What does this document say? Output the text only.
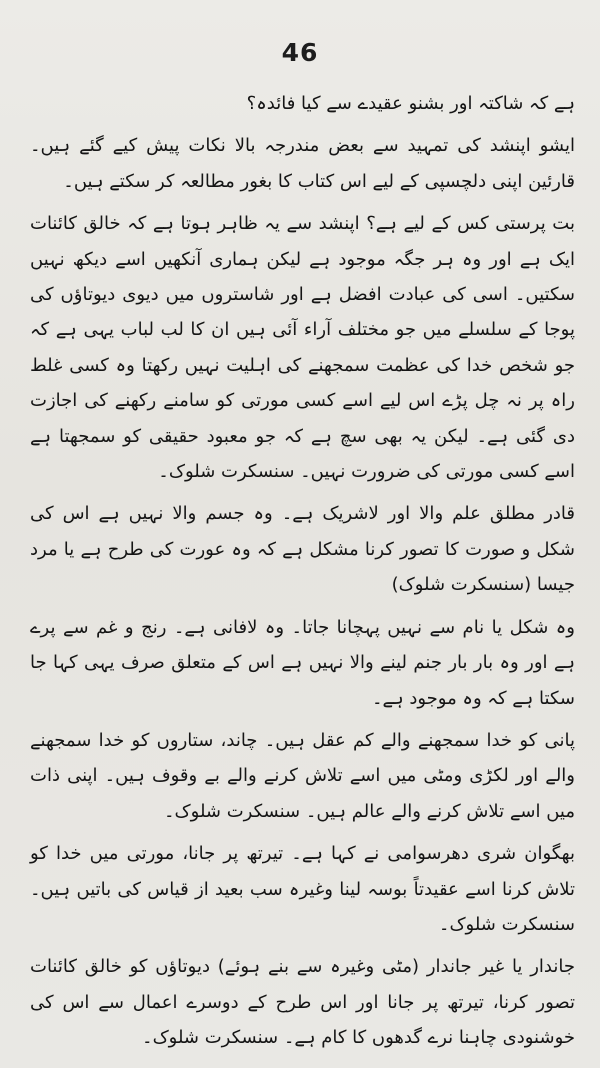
46

ہے کہ شاکتہ اور بشنو عقیدے سے کیا فائدہ؟

ایشو اپنشد کی تمہید سے بعض مندرجہ بالا نکات پیش کیے گئے ہیں۔ قارئین اپنی دلچسپی کے لیے اس کتاب کا بغور مطالعہ کر سکتے ہیں۔

بت پرستی کس کے لیے ہے؟ اپنشد سے یہ ظاہر ہوتا ہے کہ خالق کائنات ایک ہے اور وہ ہر جگہ موجود ہے لیکن ہماری آنکھیں اسے دیکھ نہیں سکتیں۔ اسی کی عبادت افضل ہے اور شاستروں میں دیوی دیوتاؤں کی پوجا کے سلسلے میں جو مختلف آراء آئی ہیں ان کا لب لباب یہی ہے کہ جو شخص خدا کی عظمت سمجھنے کی اہلیت نہیں رکھتا وہ کسی غلط راہ پر نہ چل پڑے اس لیے اسے کسی مورتی کو سامنے رکھنے کی اجازت دی گئی ہے۔ لیکن یہ بھی سچ ہے کہ جو معبود حقیقی کو سمجھتا ہے اسے کسی مورتی کی ضرورت نہیں۔ سنسکرت شلوک۔

قادر مطلق علم والا اور لاشریک ہے۔ وہ جسم والا نہیں ہے اس کی شکل و صورت کا تصور کرنا مشکل ہے کہ وہ عورت کی طرح ہے یا مرد جیسا (سنسکرت شلوک)

وہ شکل یا نام سے نہیں پہچانا جاتا۔ وہ لافانی ہے۔ رنج و غم سے پرے ہے اور وہ بار بار جنم لینے والا نہیں ہے اس کے متعلق صرف یہی کہا جا سکتا ہے کہ وہ موجود ہے۔

پانی کو خدا سمجھنے والے کم عقل ہیں۔ چاند، ستاروں کو خدا سمجھنے والے اور لکڑی ومٹی میں اسے تلاش کرنے والے بے وقوف ہیں۔ اپنی ذات میں اسے تلاش کرنے والے عالم ہیں۔ سنسکرت شلوک۔

بھگوان شری دھرسوامی نے کہا ہے۔ تیرتھ پر جانا، مورتی میں خدا کو تلاش کرنا اسے عقیدتاً بوسہ لینا وغیرہ سب بعید از قیاس کی باتیں ہیں۔ سنسکرت شلوک۔

جاندار یا غیر جاندار (مٹی وغیرہ سے بنے ہوئے) دیوتاؤں کو خالق کائنات تصور کرنا، تیرتھ پر جانا اور اس طرح کے دوسرے اعمال سے اس کی خوشنودی چاہنا نرے گدھوں کا کام ہے۔ سنسکرت شلوک۔
